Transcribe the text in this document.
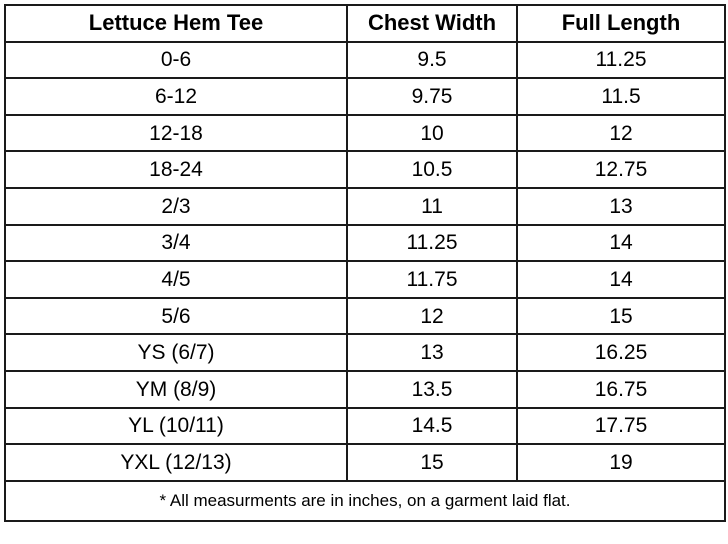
Lettuce Hem Tee	Chest Width	Full Length
0-6	9.5	11.25
6-12	9.75	11.5
12-18	10	12
18-24	10.5	12.75
2/3	11	13
3/4	11.25	14
4/5	11.75	14
5/6	12	15
YS (6/7)	13	16.25
YM (8/9)	13.5	16.75
YL (10/11)	14.5	17.75
YXL (12/13)	15	19
* All measurments are in inches, on a garment laid flat.		
